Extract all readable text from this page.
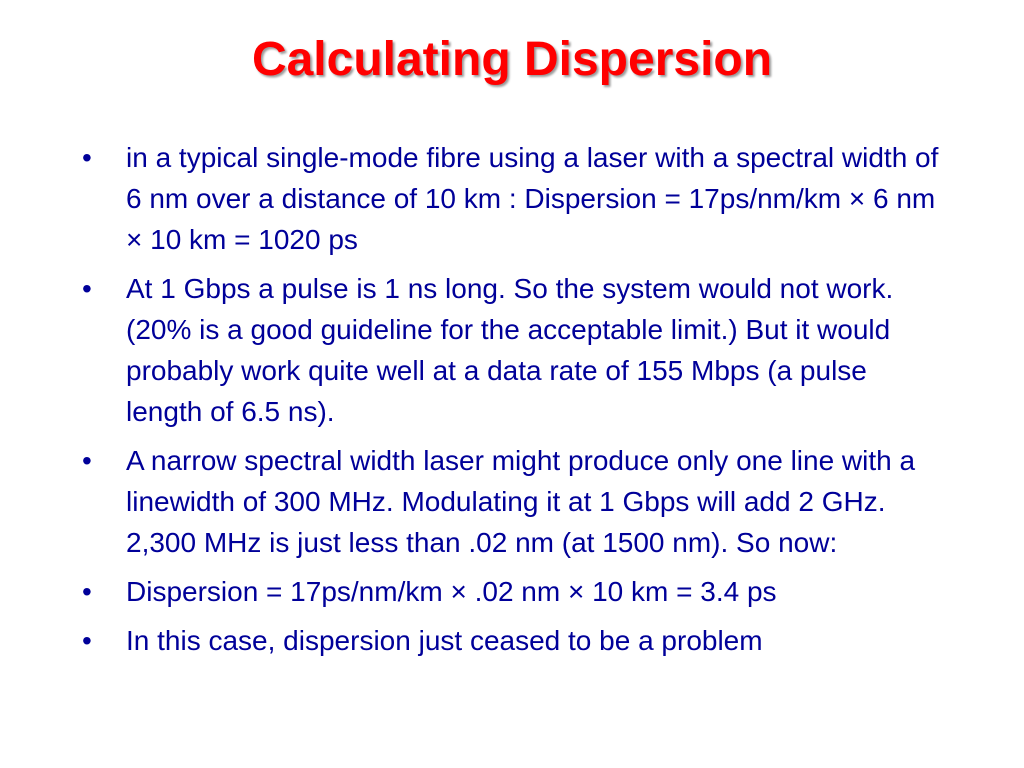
Calculating Dispersion
• in a typical single-mode fibre using a laser with a spectral width of 6 nm over a distance of 10 km : Dispersion = 17ps/nm/km × 6 nm × 10 km = 1020 ps
• At 1 Gbps a pulse is 1 ns long. So the system would not work. (20% is a good guideline for the acceptable limit.) But it would probably work quite well at a data rate of 155 Mbps (a pulse length of 6.5 ns).
• A narrow spectral width laser might produce only one line with a linewidth of 300 MHz. Modulating it at 1 Gbps will add 2 GHz. 2,300 MHz is just less than .02 nm (at 1500 nm). So now:
• Dispersion = 17ps/nm/km × .02 nm × 10 km = 3.4 ps
• In this case, dispersion just ceased to be a problem
